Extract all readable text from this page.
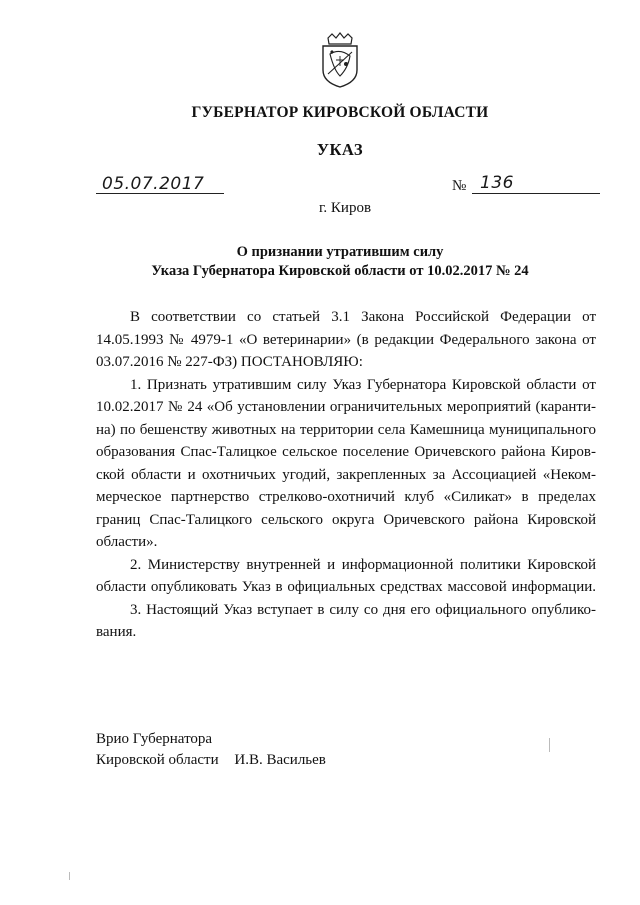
ГУБЕРНАТОР КИРОВСКОЙ ОБЛАСТИ
УКАЗ
05.07.2017	№ 136
г. Киров
О признании утратившим силу
Указа Губернатора Кировской области от 10.02.2017 № 24
В соответствии со статьей 3.1 Закона Российской Федерации от
14.05.1993 № 4979-1 «О ветеринарии» (в редакции Федерального закона от
03.07.2016 № 227-ФЗ) ПОСТАНОВЛЯЮ:
1. Признать утратившим силу Указ Губернатора Кировской области от
10.02.2017 № 24 «Об установлении ограничительных мероприятий (каранти-
на) по бешенству животных на территории села Камешница муниципального
образования Спас-Талицкое сельское поселение Оричевского района Киров-
ской области и охотничьих угодий, закрепленных за Ассоциацией «Неком-
мерческое партнерство стрелково-охотничий клуб «Силикат» в пределах
границ Спас-Талицкого сельского округа Оричевского района Кировской
области».
2. Министерству внутренней и информационной политики Кировской
области опубликовать Указ в официальных средствах массовой информации.
3. Настоящий Указ вступает в силу со дня его официального опублико-
вания.
Врио Губернатора
Кировской области И.В. Васильев
